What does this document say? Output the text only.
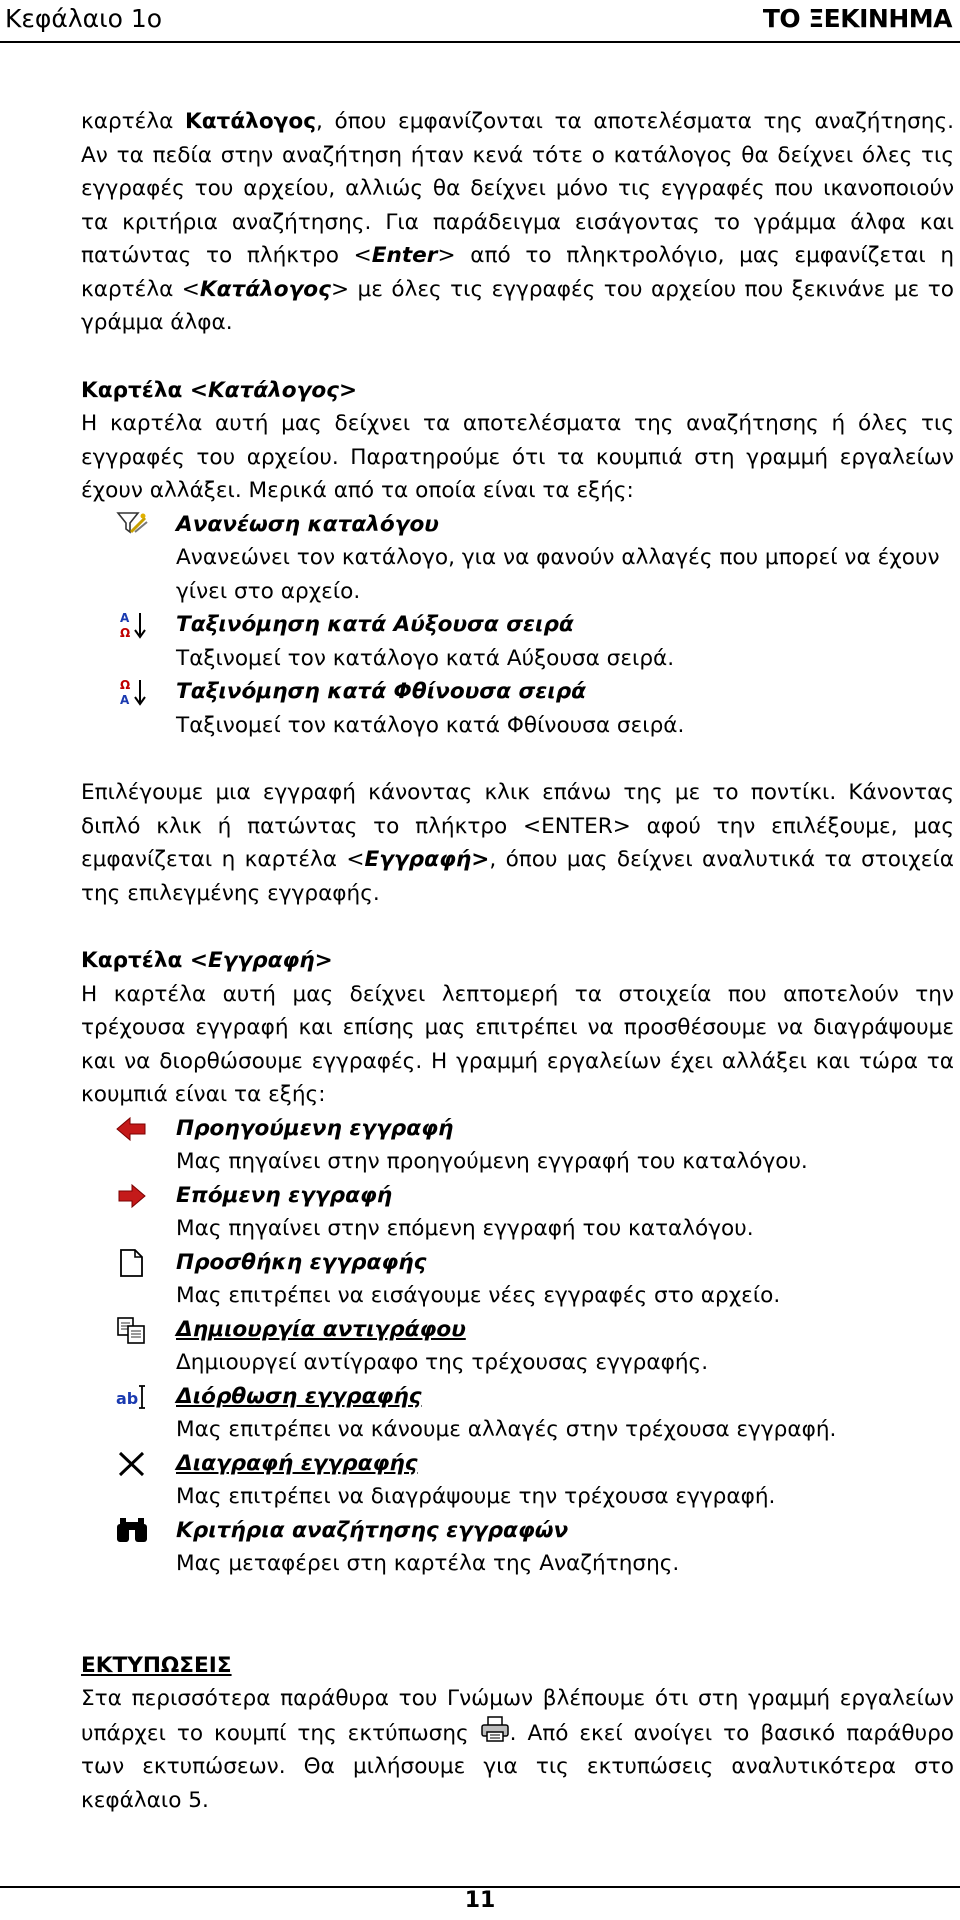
Κεφάλαιο 1ο	ΤΟ ΞΕΚΙΝΗΜΑ

καρτέλα Κατάλογος, όπου εμφανίζονται τα αποτελέσματα της αναζήτησης. Αν τα πεδία στην αναζήτηση ήταν κενά τότε ο κατάλογος θα δείχνει όλες τις εγγραφές του αρχείου, αλλιώς θα δείχνει μόνο τις εγγραφές που ικανοποιούν τα κριτήρια αναζήτησης. Για παράδειγμα εισάγοντας το γράμμα άλφα και πατώντας το πλήκτρο <Enter> από το πληκτρολόγιο, μας εμφανίζεται η καρτέλα <Κατάλογος> με όλες τις εγγραφές του αρχείου που ξεκινάνε με το γράμμα άλφα.

Καρτέλα <Κατάλογος>

Η καρτέλα αυτή μας δείχνει τα αποτελέσματα της αναζήτησης ή όλες τις εγγραφές του αρχείου. Παρατηρούμε ότι τα κουμπιά στη γραμμή εργαλείων έχουν αλλάξει. Μερικά από τα οποία είναι τα εξής:

Ανανέωση καταλόγου

Ανανεώνει τον κατάλογο, για να φανούν αλλαγές που μπορεί να έχουν γίνει στο αρχείο.

A
Ω Ταξινόμηση κατά Αύξουσα σειρά

Ταξινομεί τον κατάλογο κατά Αύξουσα σειρά.

Ω
A Ταξινόμηση κατά Φθίνουσα σειρά

Ταξινομεί τον κατάλογο κατά Φθίνουσα σειρά.

Επιλέγουμε μια εγγραφή κάνοντας κλικ επάνω της με το ποντίκι. Κάνοντας διπλό κλικ ή πατώντας το πλήκτρο <ENTER> αφού την επιλέξουμε, μας εμφανίζεται η καρτέλα <Εγγραφή>, όπου μας δείχνει αναλυτικά τα στοιχεία της επιλεγμένης εγγραφής.

Καρτέλα <Εγγραφή>

Η καρτέλα αυτή μας δείχνει λεπτομερή τα στοιχεία που αποτελούν την τρέχουσα εγγραφή και επίσης μας επιτρέπει να προσθέσουμε να διαγράψουμε και να διορθώσουμε εγγραφές. Η γραμμή εργαλείων έχει αλλάξει και τώρα τα κουμπιά είναι τα εξής:

Προηγούμενη εγγραφή

Μας πηγαίνει στην προηγούμενη εγγραφή του καταλόγου.

Επόμενη εγγραφή

Μας πηγαίνει στην επόμενη εγγραφή του καταλόγου.

Προσθήκη εγγραφής

Μας επιτρέπει να εισάγουμε νέες εγγραφές στο αρχείο.

Δημιουργία αντιγράφου

Δημιουργεί αντίγραφο της τρέχουσας εγγραφής.

ab Διόρθωση εγγραφής

Μας επιτρέπει να κάνουμε αλλαγές στην τρέχουσα εγγραφή.

Διαγραφή εγγραφής

Μας επιτρέπει να διαγράψουμε την τρέχουσα εγγραφή.

Κριτήρια αναζήτησης εγγραφών

Μας μεταφέρει στη καρτέλα της Αναζήτησης.

ΕΚΤΥΠΩΣΕΙΣ

Στα περισσότερα παράθυρα του Γνώμων βλέπουμε ότι στη γραμμή εργαλείων υπάρχει το κουμπί της εκτύπωσης . Από εκεί ανοίγει το βασικό παράθυρο των εκτυπώσεων. Θα μιλήσουμε για τις εκτυπώσεις αναλυτικότερα στο κεφάλαιο 5.

11
